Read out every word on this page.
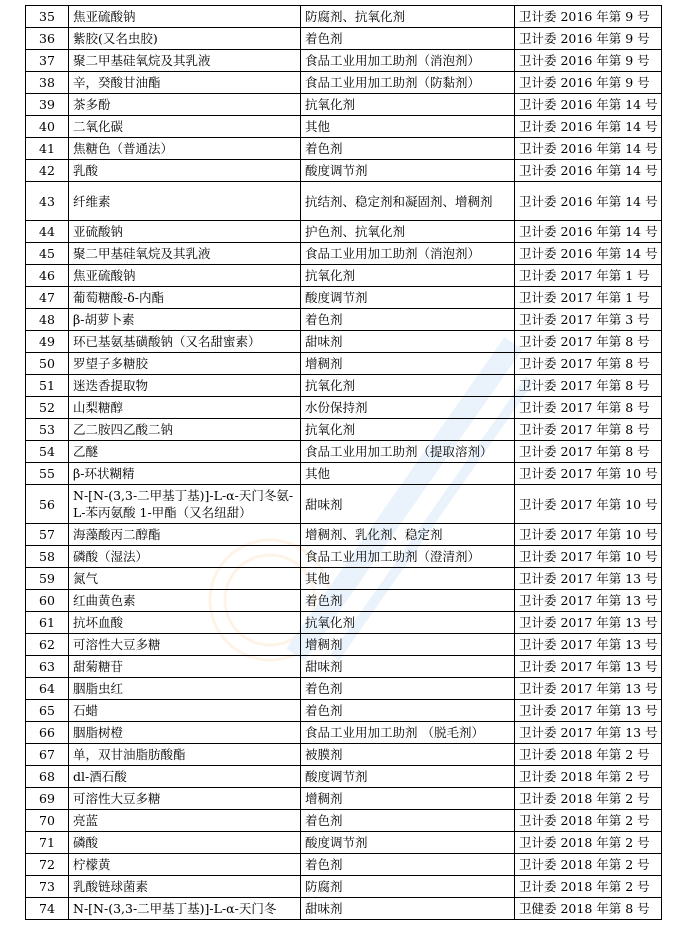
35	焦亚硫酸钠	防腐剂、抗氧化剂	卫计委 2016 年第 9 号
36	紫胶(又名虫胶)	着色剂	卫计委 2016 年第 9 号
37	聚二甲基硅氧烷及其乳液	食品工业用加工助剂（消泡剂）	卫计委 2016 年第 9 号
38	辛，癸酸甘油酯	食品工业用加工助剂（防黏剂）	卫计委 2016 年第 9 号
39	茶多酚	抗氧化剂	卫计委 2016 年第 14 号
40	二氧化碳	其他	卫计委 2016 年第 14 号
41	焦糖色（普通法）	着色剂	卫计委 2016 年第 14 号
42	乳酸	酸度调节剂	卫计委 2016 年第 14 号
43	纤维素	抗结剂、稳定剂和凝固剂、增稠剂	卫计委 2016 年第 14 号
44	亚硫酸钠	护色剂、抗氧化剂	卫计委 2016 年第 14 号
45	聚二甲基硅氧烷及其乳液	食品工业用加工助剂（消泡剂）	卫计委 2016 年第 14 号
46	焦亚硫酸钠	抗氧化剂	卫计委 2017 年第 1 号
47	葡萄糖酸-δ-内酯	酸度调节剂	卫计委 2017 年第 1 号
48	β-胡萝卜素	着色剂	卫计委 2017 年第 3 号
49	环已基氨基磺酸钠（又名甜蜜素）	甜味剂	卫计委 2017 年第 8 号
50	罗望子多糖胶	增稠剂	卫计委 2017 年第 8 号
51	迷迭香提取物	抗氧化剂	卫计委 2017 年第 8 号
52	山梨糖醇	水份保持剂	卫计委 2017 年第 8 号
53	乙二胺四乙酸二钠	抗氧化剂	卫计委 2017 年第 8 号
54	乙醚	食品工业用加工助剂（提取溶剂）	卫计委 2017 年第 8 号
55	β-环状糊精	其他	卫计委 2017 年第 10 号
56	N-[N-(3,3-二甲基丁基)]-L-α-天门冬氨-L-苯丙氨酸 1-甲酯（又名纽甜）	甜味剂	卫计委 2017 年第 10 号
57	海藻酸丙二醇酯	增稠剂、乳化剂、稳定剂	卫计委 2017 年第 10 号
58	磷酸（湿法）	食品工业用加工助剂（澄清剂）	卫计委 2017 年第 10 号
59	氮气	其他	卫计委 2017 年第 13 号
60	红曲黄色素	着色剂	卫计委 2017 年第 13 号
61	抗坏血酸	抗氧化剂	卫计委 2017 年第 13 号
62	可溶性大豆多糖	增稠剂	卫计委 2017 年第 13 号
63	甜菊糖苷	甜味剂	卫计委 2017 年第 13 号
64	胭脂虫红	着色剂	卫计委 2017 年第 13 号
65	石蜡	着色剂	卫计委 2017 年第 13 号
66	胭脂树橙	食品工业用加工助剂 （脱毛剂）	卫计委 2017 年第 13 号
67	单，双甘油脂肪酸酯	被膜剂	卫计委 2018 年第 2 号
68	dl-酒石酸	酸度调节剂	卫计委 2018 年第 2 号
69	可溶性大豆多糖	增稠剂	卫计委 2018 年第 2 号
70	亮蓝	着色剂	卫计委 2018 年第 2 号
71	磷酸	酸度调节剂	卫计委 2018 年第 2 号
72	柠檬黄	着色剂	卫计委 2018 年第 2 号
73	乳酸链球菌素	防腐剂	卫计委 2018 年第 2 号
74	N-[N-(3,3-二甲基丁基)]-L-α-天门冬	甜味剂	卫健委 2018 年第 8 号
